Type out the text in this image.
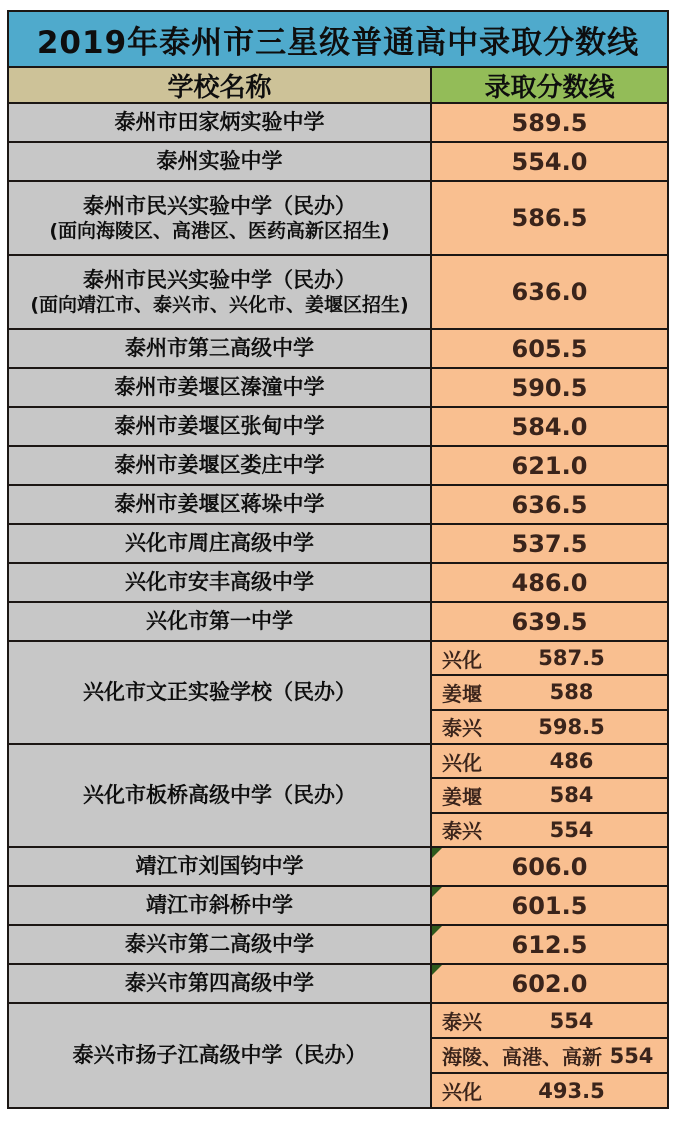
2019年泰州市三星级普通高中录取分数线
学校名称	录取分数线
泰州市田家炳实验中学	589.5
泰州实验中学	554.0
泰州市民兴实验中学（民办）
(面向海陵区、高港区、医药高新区招生)	586.5
泰州市民兴实验中学（民办）
(面向靖江市、泰兴市、兴化市、姜堰区招生)	636.0
泰州市第三高级中学	605.5
泰州市姜堰区溱潼中学	590.5
泰州市姜堰区张甸中学	584.0
泰州市姜堰区娄庄中学	621.0
泰州市姜堰区蒋垛中学	636.5
兴化市周庄高级中学	537.5
兴化市安丰高级中学	486.0
兴化市第一中学	639.5
兴化市文正实验学校（民办）
兴化	587.5
姜堰	588
泰兴	598.5
兴化市板桥高级中学（民办）
兴化	486
姜堰	584
泰兴	554
靖江市刘国钧中学	606.0
靖江市斜桥中学	601.5
泰兴市第二高级中学	612.5
泰兴市第四高级中学	602.0
泰兴市扬子江高级中学（民办）
泰兴	554
海陵、高港、高新 554
兴化	493.5
